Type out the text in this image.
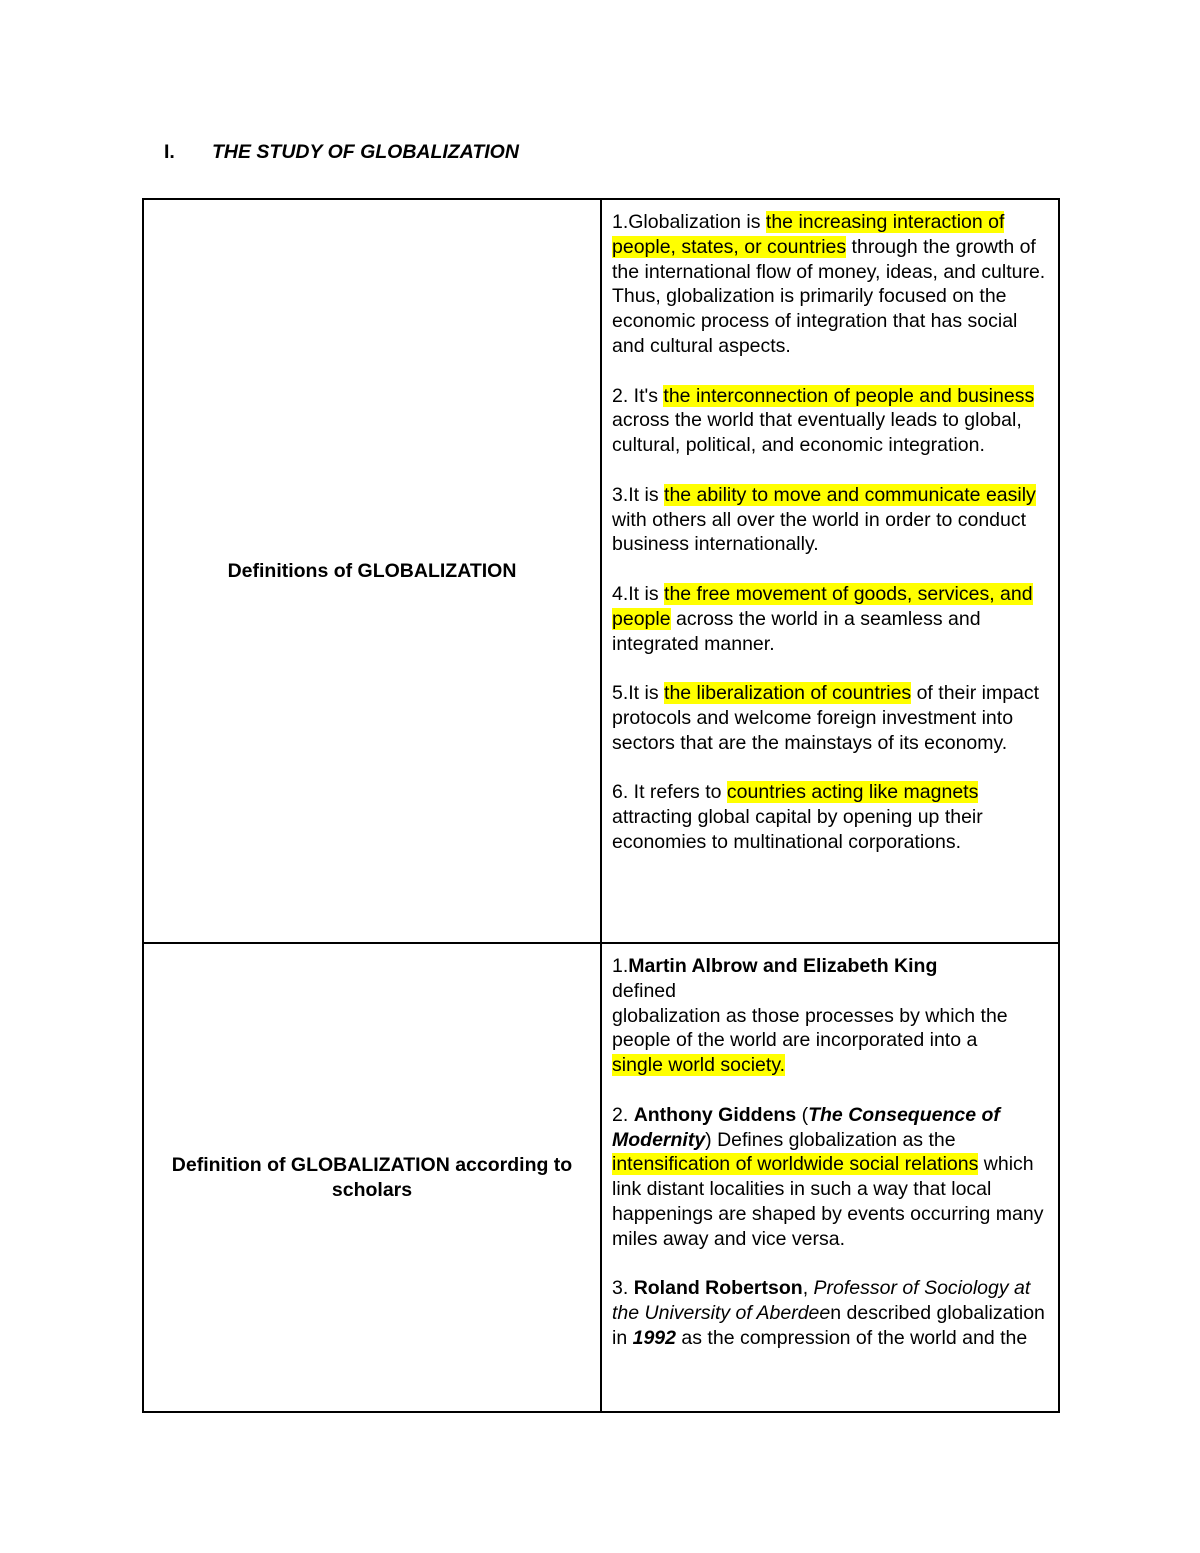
I. THE STUDY OF GLOBALIZATION
Definitions of GLOBALIZATION

1.Globalization is the increasing interaction of people, states, or countries through the growth of the international flow of money, ideas, and culture. Thus, globalization is primarily focused on the economic process of integration that has social and cultural aspects.

2. It's the interconnection of people and business across the world that eventually leads to global, cultural, political, and economic integration.

3.It is the ability to move and communicate easily with others all over the world in order to conduct business internationally.

4.It is the free movement of goods, services, and people across the world in a seamless and integrated manner.

5.It is the liberalization of countries of their impact protocols and welcome foreign investment into sectors that are the mainstays of its economy.

6. It refers to countries acting like magnets attracting global capital by opening up their economies to multinational corporations.

Definition of GLOBALIZATION according to scholars

1.Martin Albrow and Elizabeth King
defined
globalization as those processes by which the
people of the world are incorporated into a
single world society.

2. Anthony Giddens (The Consequence of Modernity) Defines globalization as the intensification of worldwide social relations which link distant localities in such a way that local happenings are shaped by events occurring many miles away and vice versa.

3. Roland Robertson, Professor of Sociology at the University of Aberdeen described globalization in 1992 as the compression of the world and the
